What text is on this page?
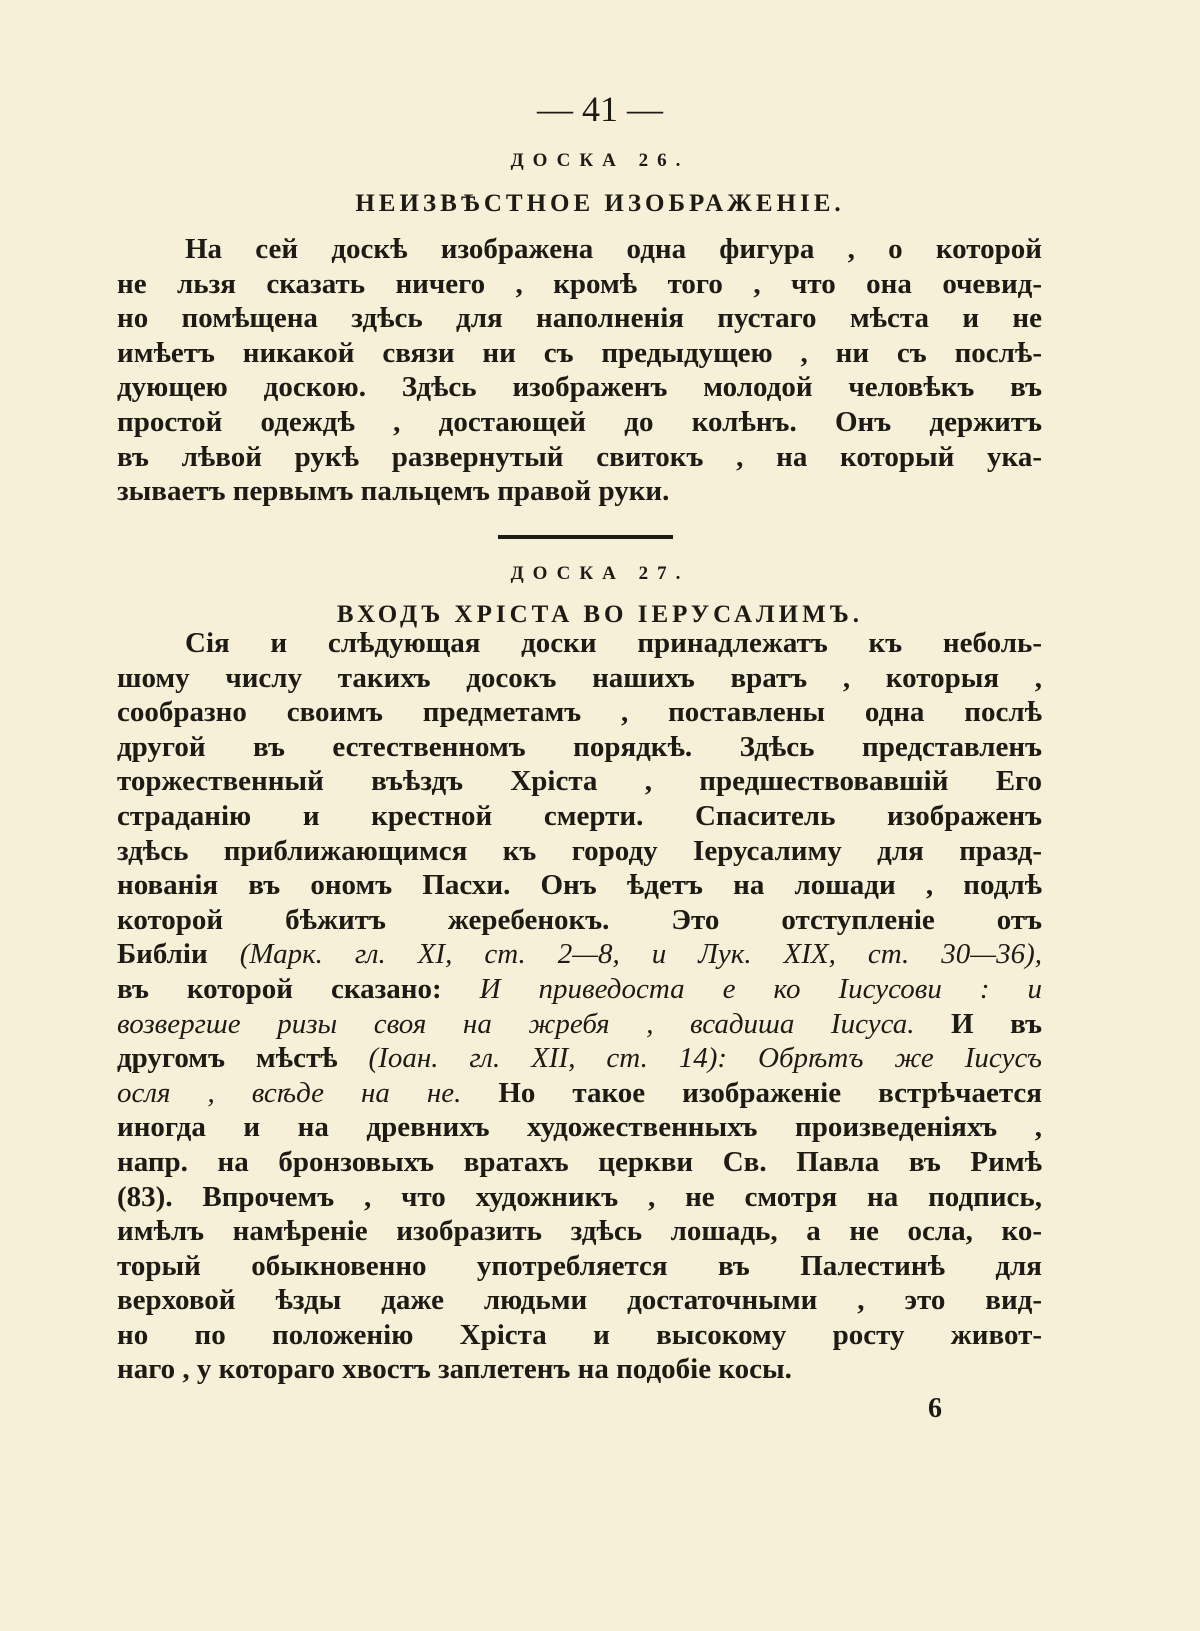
— 41 —
ДОСКА 26.
НЕИЗВѢСТНОЕ ИЗОБРАЖЕНІЕ.
На сей доскѣ изображена одна фигура , о которой
не льзя сказать ничего , кромѣ того , что она очевид-
но помѣщена здѣсь для наполненія пустаго мѣста и не
имѣетъ никакой связи ни съ предыдущею , ни съ послѣ-
дующею доскою. Здѣсь изображенъ молодой человѣкъ въ
простой одеждѣ , достающей до колѣнъ. Онъ держитъ
въ лѣвой рукѣ развернутый свитокъ , на который ука-
зываетъ первымъ пальцемъ правой руки.
ДОСКА 27.
ВХОДЪ ХРІСТА ВО ІЕРУСАЛИМЪ.
Сія и слѣдующая доски принадлежатъ къ неболь-
шому числу такихъ досокъ нашихъ вратъ , которыя ,
сообразно своимъ предметамъ , поставлены одна послѣ
другой въ естественномъ порядкѣ. Здѣсь представленъ
торжественный въѣздъ Хріста , предшествовавшій Его
страданію и крестной смерти. Спаситель изображенъ
здѣсь приближающимся къ городу Іерусалиму для празд-
нованія въ ономъ Пасхи. Онъ ѣдетъ на лошади , подлѣ
которой бѣжитъ жеребенокъ. Это отступленіе отъ
Библіи (Марк. гл. XI, ст. 2—8, и Лук. XIX, ст. 30—36),
въ которой сказано: И приведоста е ко Іисусови : и
возвергше ризы своя на жребя , всадиша Іисуса. И въ
другомъ мѣстѣ (Іоан. гл. XII, ст. 14): Обрѣтъ же Іисусъ
осля , всѣде на не. Но такое изображеніе встрѣчается
иногда и на древнихъ художественныхъ произведеніяхъ ,
напр. на бронзовыхъ вратахъ церкви Св. Павла въ Римѣ
(83). Впрочемъ , что художникъ , не смотря на подпись,
имѣлъ намѣреніе изобразить здѣсь лошадь, а не осла, ко-
торый обыкновенно употребляется въ Палестинѣ для
верховой ѣзды даже людьми достаточными , это вид-
но по положенію Хріста и высокому росту живот-
наго , у котораго хвостъ заплетенъ на подобіе косы.
6
